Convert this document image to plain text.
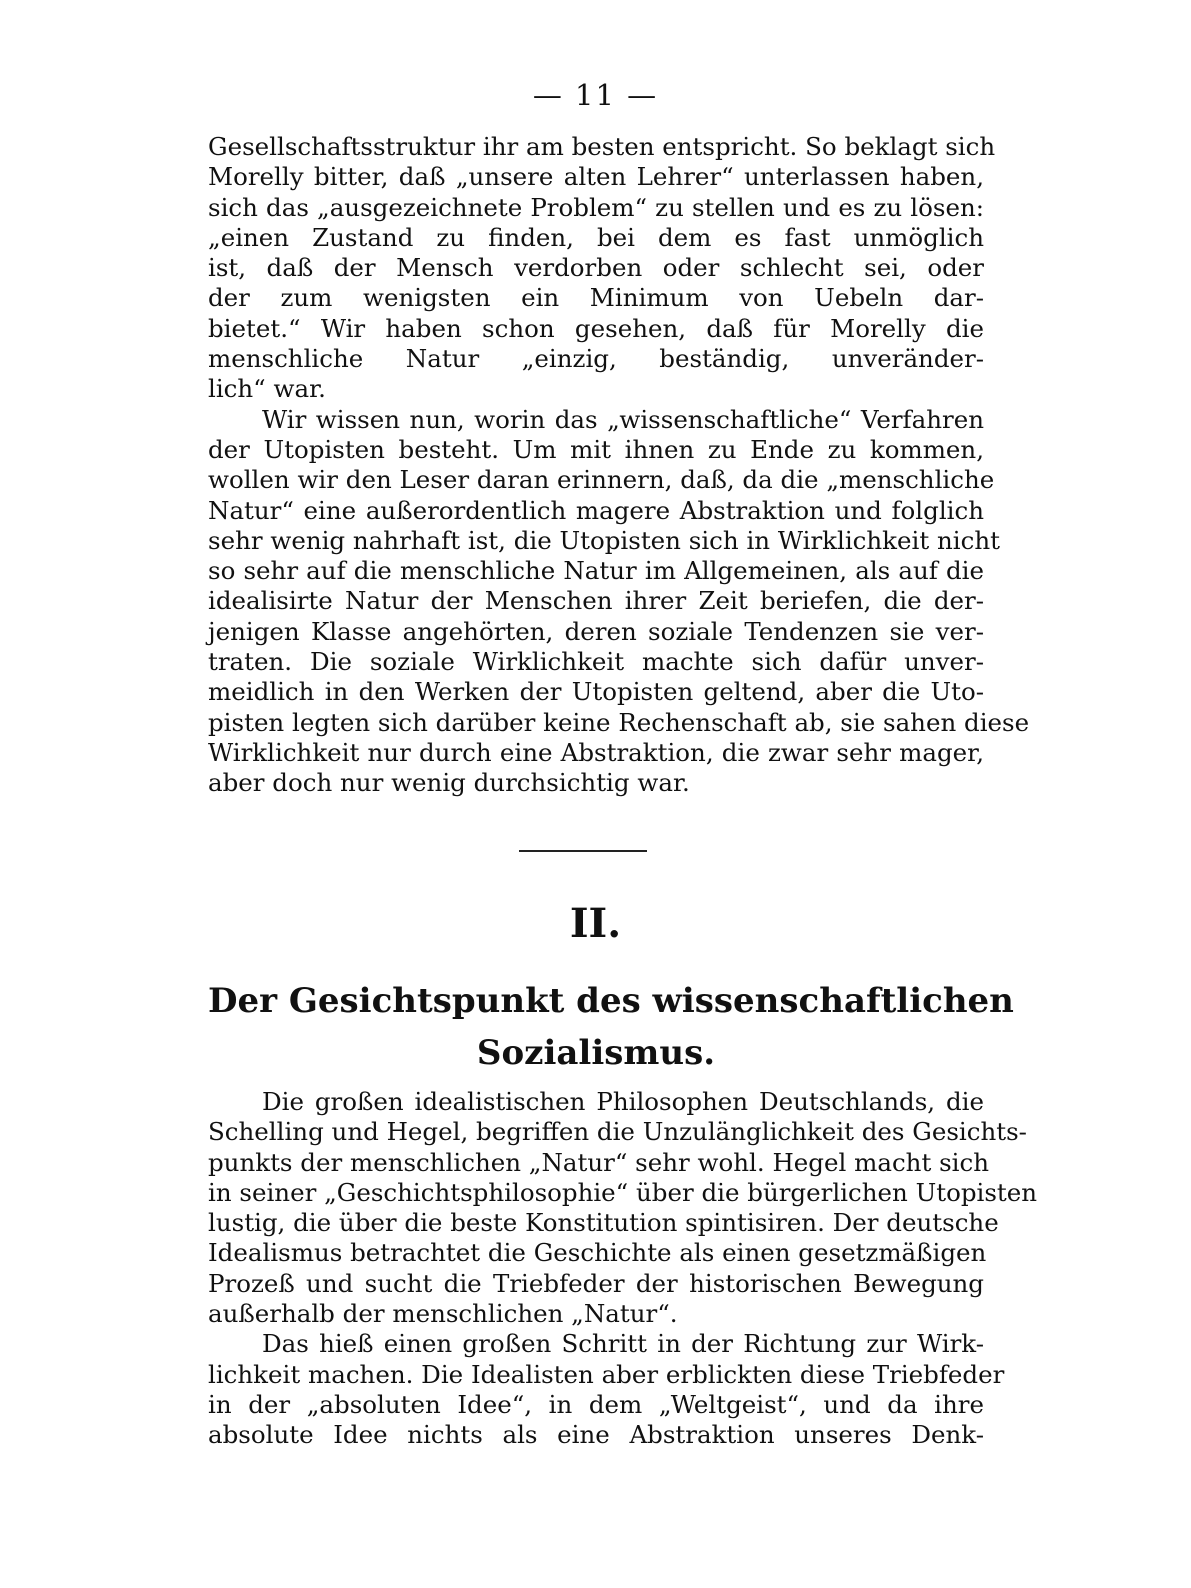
— 11 —
Gesellschaftsstruktur ihr am besten entspricht. So beklagt sich
Morelly bitter, daß „unsere alten Lehrer“ unterlassen haben,
sich das „ausgezeichnete Problem“ zu stellen und es zu lösen:
„einen Zustand zu finden, bei dem es fast unmöglich
ist, daß der Mensch verdorben oder schlecht sei, oder
der zum wenigsten ein Minimum von Uebeln dar-
bietet.“ Wir haben schon gesehen, daß für Morelly die
menschliche Natur „einzig, beständig, unveränder-
lich“ war.
Wir wissen nun, worin das „wissenschaftliche“ Verfahren
der Utopisten besteht. Um mit ihnen zu Ende zu kommen,
wollen wir den Leser daran erinnern, daß, da die „menschliche
Natur“ eine außerordentlich magere Abstraktion und folglich
sehr wenig nahrhaft ist, die Utopisten sich in Wirklichkeit nicht
so sehr auf die menschliche Natur im Allgemeinen, als auf die
idealisirte Natur der Menschen ihrer Zeit beriefen, die der-
jenigen Klasse angehörten, deren soziale Tendenzen sie ver-
traten. Die soziale Wirklichkeit machte sich dafür unver-
meidlich in den Werken der Utopisten geltend, aber die Uto-
pisten legten sich darüber keine Rechenschaft ab, sie sahen diese
Wirklichkeit nur durch eine Abstraktion, die zwar sehr mager,
aber doch nur wenig durchsichtig war.
II.
Der Gesichtspunkt des wissenschaftlichen
Sozialismus.
Die großen idealistischen Philosophen Deutschlands, die
Schelling und Hegel, begriffen die Unzulänglichkeit des Gesichts-
punkts der menschlichen „Natur“ sehr wohl. Hegel macht sich
in seiner „Geschichtsphilosophie“ über die bürgerlichen Utopisten
lustig, die über die beste Konstitution spintisiren. Der deutsche
Idealismus betrachtet die Geschichte als einen gesetzmäßigen
Prozeß und sucht die Triebfeder der historischen Bewegung
außerhalb der menschlichen „Natur“.
Das hieß einen großen Schritt in der Richtung zur Wirk-
lichkeit machen. Die Idealisten aber erblickten diese Triebfeder
in der „absoluten Idee“, in dem „Weltgeist“, und da ihre
absolute Idee nichts als eine Abstraktion unseres Denk-
